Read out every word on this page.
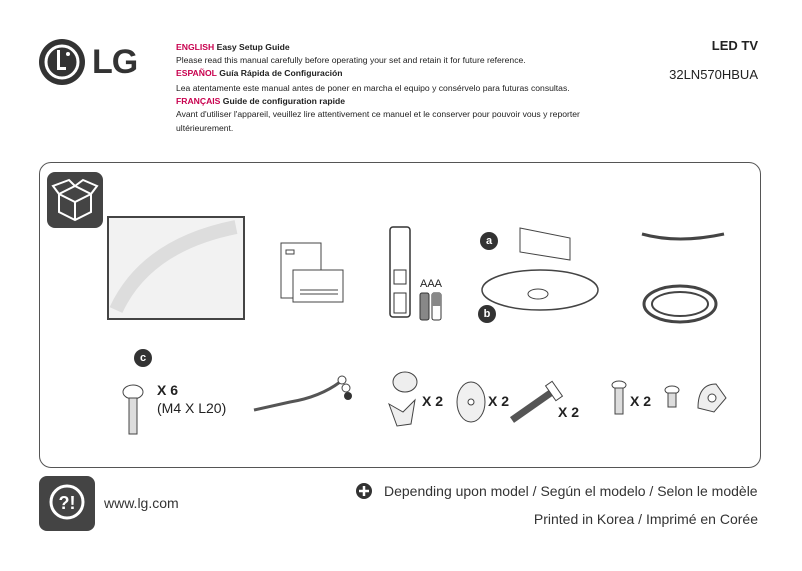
LG	ENGLISH Easy Setup Guide
Please read this manual carefully before operating your set and retain it for future reference.
ESPAÑOL Guía Rápida de Configuración
Lea atentamente este manual antes de poner en marcha el equipo y consérvelo para futuras consultas.
FRANÇAIS Guide de configuration rapide
Avant d'utiliser l'appareil, veuillez lire attentivement ce manuel et le conserver pour pouvoir vous y reporter ultérieurement.
LED TV
32LN570HBUA
AAA
a
b
c
X 6
(M4 X L20)	X 2	X 2
X 2
X 2
?! www.lg.com
Depending upon model / Según el modelo / Selon le modèle
Printed in Korea / Imprimé en Corée
